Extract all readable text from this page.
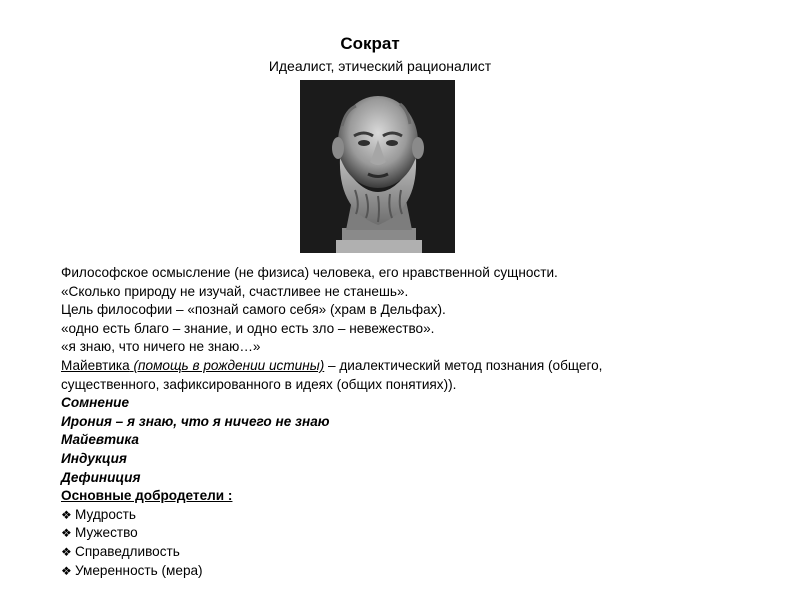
Сократ
Идеалист, этический рационалист
Философское осмысление (не физиса) человека, его нравственной сущности.
«Сколько природу не изучай, счастливее не станешь».
Цель философии – «познай самого себя» (храм в Дельфах).
«одно есть благо – знание, и одно есть зло – невежество».
«я знаю, что ничего не знаю…»
Майевтика (помощь в рождении истины) – диалектический метод познания (общего,
существенного, зафиксированного в идеях (общих понятиях)).
Сомнение
Ирония – я знаю, что я ничего не знаю
Майевтика
Индукция
Дефиниция
Основные добродетели :
❖ Мудрость
❖ Мужество
❖ Справедливость
❖ Умеренность (мера)
